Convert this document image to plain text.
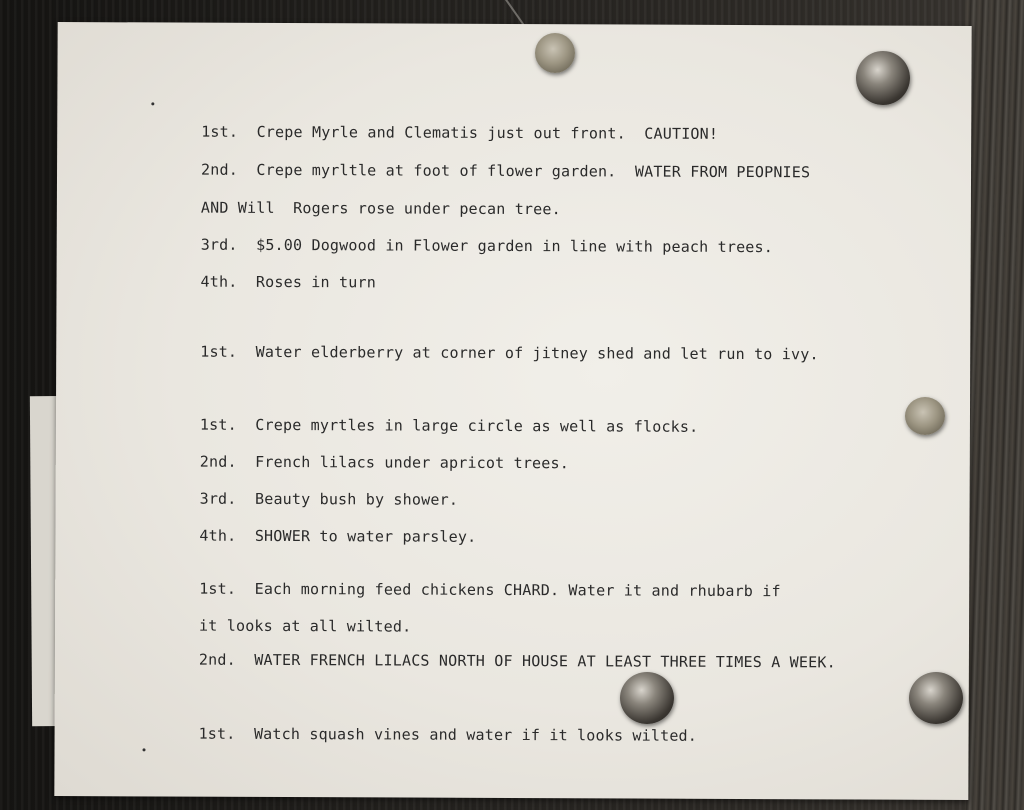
1st.  Crepe Myrle and Clematis just out front.  CAUTION!
2nd.  Crepe myrltle at foot of flower garden.  WATER FROM PEOPNIES
AND Will  Rogers rose under pecan tree.
3rd.  $5.00 Dogwood in Flower garden in line with peach trees.
4th.  Roses in turn
1st.  Water elderberry at corner of jitney shed and let run to ivy.
1st.  Crepe myrtles in large circle as well as flocks.
2nd.  French lilacs under apricot trees.
3rd.  Beauty bush by shower.
4th.  SHOWER to water parsley.
1st.  Each morning feed chickens CHARD. Water it and rhubarb if
it looks at all wilted.
2nd.  WATER FRENCH LILACS NORTH OF HOUSE AT LEAST THREE TIMES A WEEK.
1st.  Watch squash vines and water if it looks wilted.
